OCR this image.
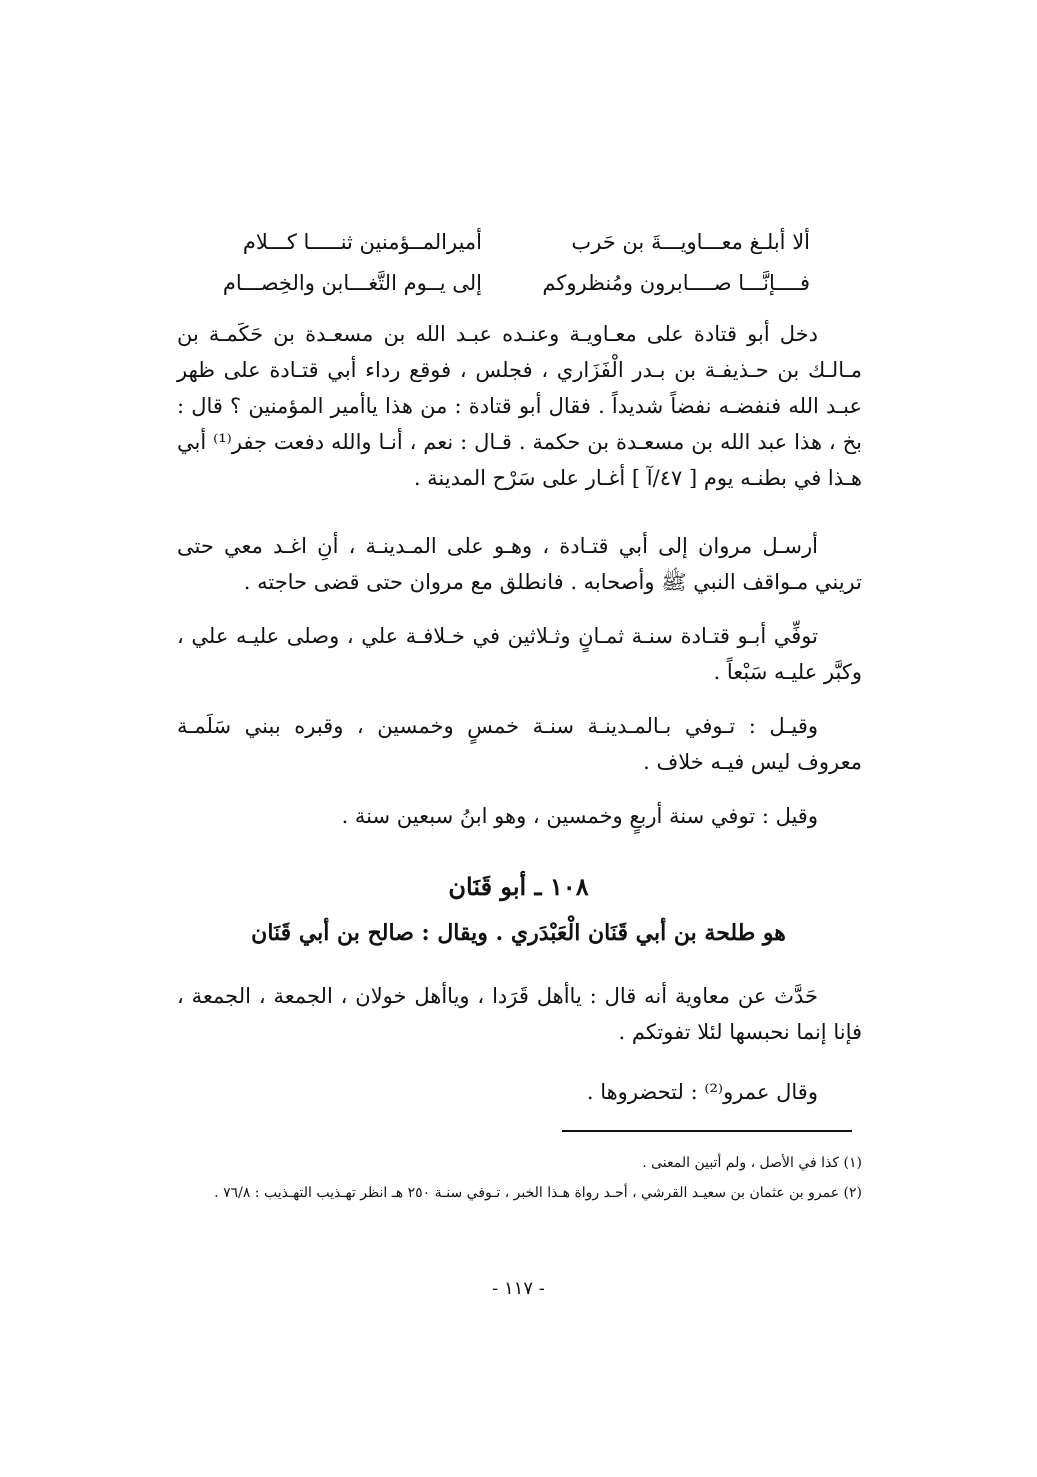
ألا أبلـغ معـــاويـــةَ بن حَرب
أميرالمــؤمنين ثنـــــا كـــلام
فــــإنَّـــا صــــابرون ومُنظروكم
إلى يــوم التَّغـــابن والخِصـــام

دخل أبو قتادة على معـاويـة وعنـده عبـد الله بن مسعـدة بن حَكَمـة بن مـالـك بن حـذيفـة بن بـدر الْفَزَاري ، فجلس ، فوقع رداء أبي قتـادة على ظهر عبـد الله فنفضـه نفضاً شديداً . فقال أبو قتادة : من هذا ياأمير المؤمنين ؟ قال : بخ ، هذا عبد الله بن مسعـدة بن حكمة . قـال : نعم ، أنـا والله دفعت جفر⁽¹⁾ أبي هـذا في بطنـه يوم [ ٤٧/آ ] أغـار على سَرْح المدينة .

أرسـل مروان إلى أبي قتـادة ، وهـو على المـدينـة ، أنِ اغـد معي حتى تريني مـواقف النبي ﷺ وأصحابه . فانطلق مع مروان حتى قضى حاجته .

توفِّي أبـو قتـادة سنـة ثمـانٍ وثـلاثين في خـلافـة علي ، وصلى عليـه علي ، وكبَّر عليـه سَبْعاً .

وقيـل : تـوفي بـالمـدينـة سنـة خمسٍ وخمسين ، وقبره ببني سَلَمـة معروف ليس فيـه خلاف .

وقيل : توفي سنة أربعٍ وخمسين ، وهو ابنُ سبعين سنة .

١٠٨ ـ أبو قَنَان
هو طلحة بن أبي قَنَان الْعَبْدَري . ويقال : صالح بن أبي قَنَان

حَدَّث عن معاوية أنه قال : ياأهل قَرَدا ، وياأهل خولان ، الجمعة ، الجمعة ، فإنا إنما نحبسها لئلا تفوتكم .

وقال عمرو⁽²⁾ : لتحضروها .

(١) كذا في الأصل ، ولم أتبين المعنى .

(٢) عمرو بن عثمان بن سعيـد القرشي ، أحـد رواة هـذا الخبر ، تـوفي سنـة ٢٥٠ هـ انظر تهـذيب التهـذيب : ٧٦/٨ .

- ١١٧ -
